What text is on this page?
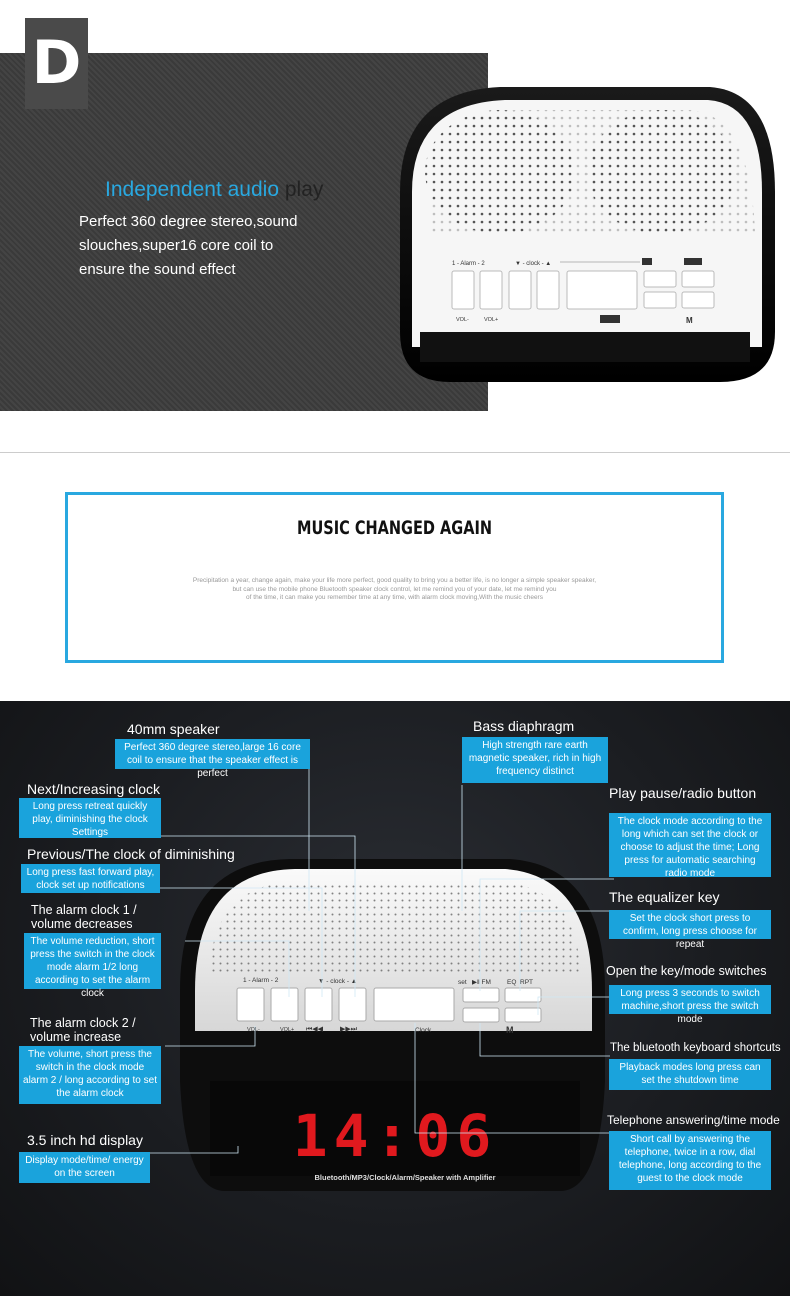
D
Independent audio play
Perfect 360 degree stereo,sound
slouches,super16 core coil to
ensure the sound effect	1 - Alarm - 2	▼ - clock - ▲
VOL-	VOL+	M
MUSIC CHANGED AGAIN
Precipitation a year, change again, make your life more perfect, good quality to bring you a better life, is no longer a simple speaker speaker,
but can use the mobile phone Bluetooth speaker clock control, let me remind you of your date, let me remind you
of the time, it can make you remember time at any time, with alarm clock moving,With the music cheers
1 - Alarm - 2	▼ - clock - ▲	set ▶‖ FM EQ RPT
VOL-	VOL+ ⏮◀◀ ▶▶⏭	Clock	M
14:06
Bluetooth/MP3/Clock/Alarm/Speaker with Amplifier
40mm speaker
Perfect 360 degree stereo,large 16 core coil to ensure that the speaker effect is perfect
Bass diaphragm
High strength rare earth magnetic speaker, rich in high frequency distinct
Next/Increasing clock
Long press retreat quickly play, diminishing the clock Settings
Play pause/radio button
The clock mode according to the long which can set the clock or choose to adjust the time; Long press for automatic searching radio mode
Previous/The clock of diminishing
Long press fast forward play, clock set up notifications
The equalizer key
Set the clock short press to confirm, long press choose for repeat
The alarm clock 1 /
volume decreases
The volume reduction, short press the switch in the clock mode alarm 1/2 long according to set the alarm clock
Open the key/mode switches
Long press 3 seconds to switch machine,short press the switch mode
The alarm clock 2 /
volume increase
The volume, short press the switch in the clock mode alarm 2 / long according to set the alarm clock
The bluetooth keyboard shortcuts
Playback modes long press can set the shutdown time
Telephone answering/time mode
Short call by answering the telephone, twice in a row, dial telephone, long according to the guest to the clock mode
3.5 inch hd display
Display mode/time/ energy on the screen
